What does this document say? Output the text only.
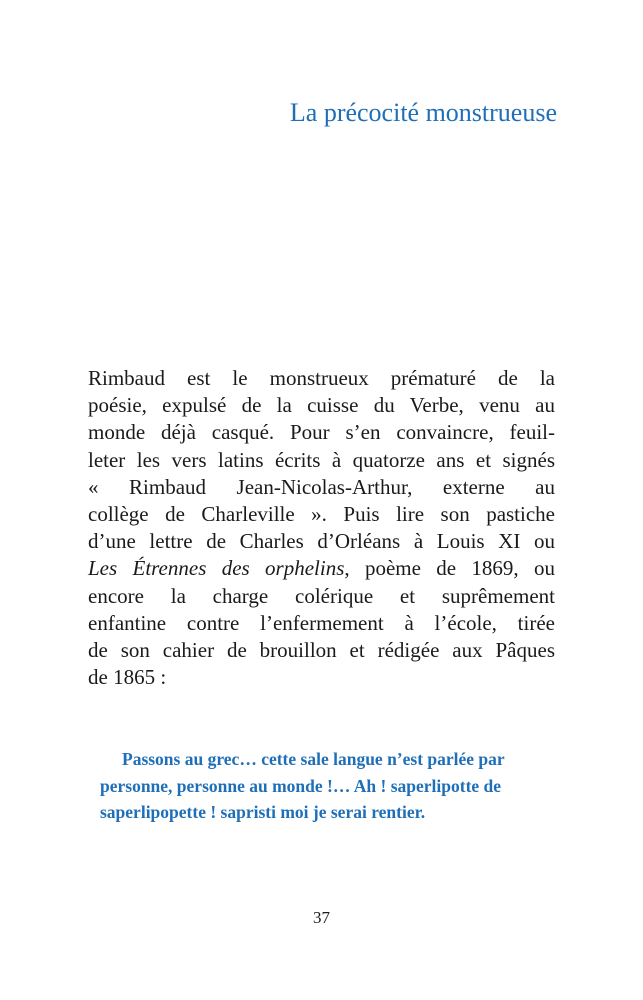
La précocité monstrueuse
Rimbaud est le monstrueux prématuré de la
poésie, expulsé de la cuisse du Verbe, venu au
monde déjà casqué. Pour s’en convaincre, feuil-
leter les vers latins écrits à quatorze ans et signés
« Rimbaud Jean-Nicolas-Arthur, externe au
collège de Charleville ». Puis lire son pastiche
d’une lettre de Charles d’Orléans à Louis XI ou
Les Étrennes des orphelins, poème de 1869, ou
encore la charge colérique et suprêmement
enfantine contre l’enfermement à l’école, tirée
de son cahier de brouillon et rédigée aux Pâques
de 1865 :
Passons au grec… cette sale langue n’est parlée par
personne, personne au monde !… Ah ! saperlipotte de
saperlipopette ! sapristi moi je serai rentier.
37
